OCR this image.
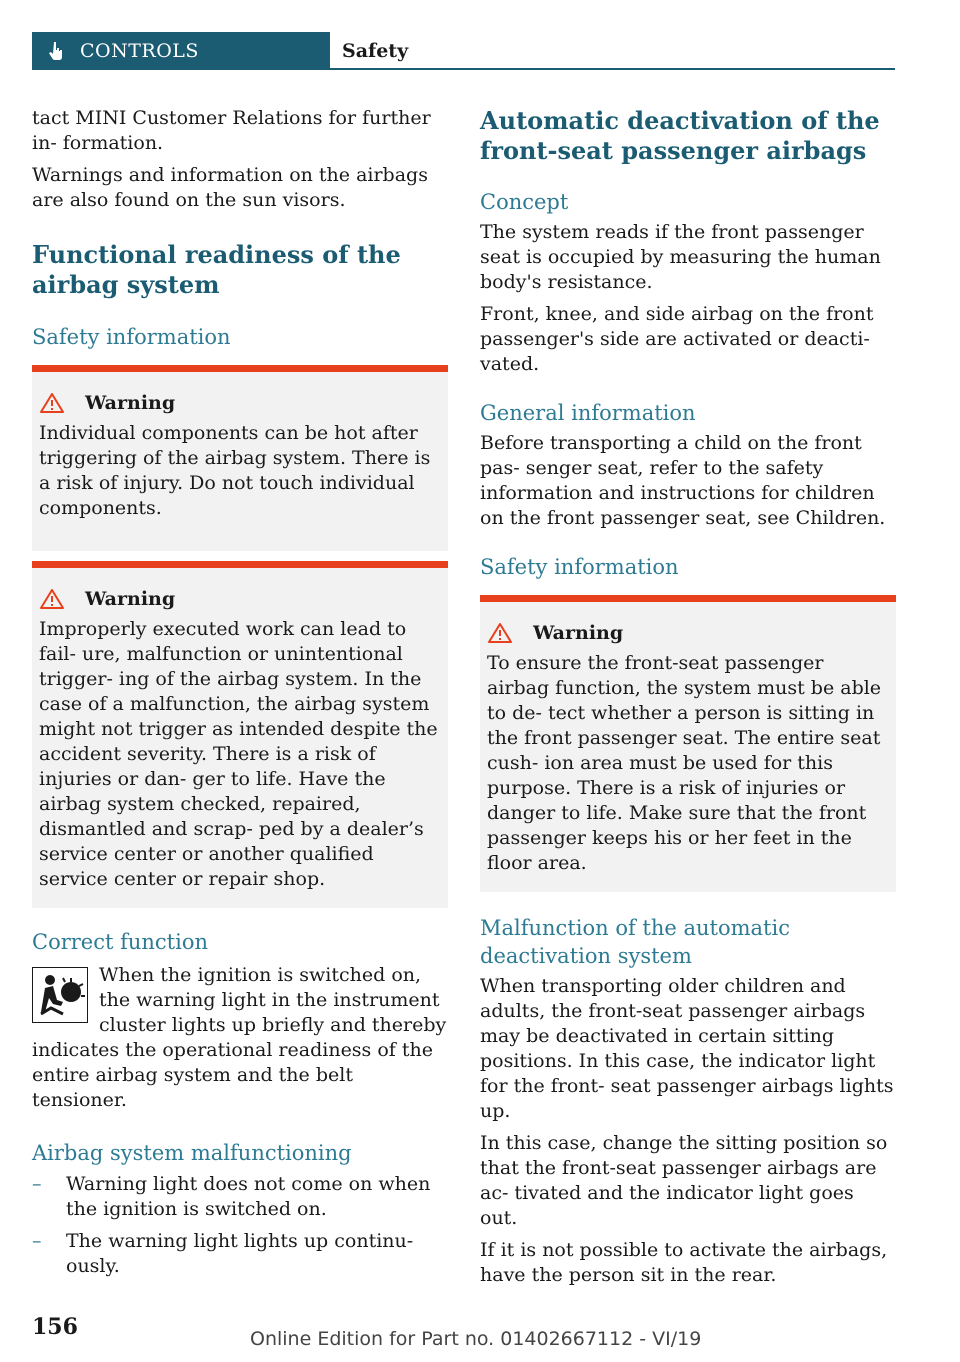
CONTROLS	Safety

tact MINI Customer Relations for further in‐ formation.

Warnings and information on the airbags are also found on the sun visors.

Functional readiness of the airbag system
Safety information
Warning
Individual components can be hot after triggering of the airbag system. There is a risk of injury. Do not touch individual components.
Warning
Improperly executed work can lead to fail‐ ure, malfunction or unintentional trigger‐ ing of the airbag system. In the case of a malfunction, the airbag system might not trigger as intended despite the accident severity. There is a risk of injuries or dan‐ ger to life. Have the airbag system checked, repaired, dismantled and scrap‐ ped by a dealer’s service center or another qualified service center or repair shop.
Correct function

When the ignition is switched on, the warning light in the instrument cluster lights up briefly and thereby

indicates the operational readiness of the entire airbag system and the belt tensioner.

Airbag system malfunctioning
– Warning light does not come on when the ignition is switched on.
– The warning light lights up continu‐ ously.
Automatic deactivation of the front-seat passenger airbags
Concept

The system reads if the front passenger seat is occupied by measuring the human body's resistance.

Front, knee, and side airbag on the front passenger's side are activated or deacti‐ vated.

General information

Before transporting a child on the front pas‐ senger seat, refer to the safety information and instructions for children on the front passenger seat, see Children.

Safety information
Warning
To ensure the front-seat passenger airbag function, the system must be able to de‐ tect whether a person is sitting in the front passenger seat. The entire seat cush‐ ion area must be used for this purpose. There is a risk of injuries or danger to life. Make sure that the front passenger keeps his or her feet in the floor area.
Malfunction of the automatic deactivation system

When transporting older children and adults, the front-seat passenger airbags may be deactivated in certain sitting positions. In this case, the indicator light for the front- seat passenger airbags lights up.

In this case, change the sitting position so that the front-seat passenger airbags are ac‐ tivated and the indicator light goes out.

If it is not possible to activate the airbags, have the person sit in the rear.

156	Online Edition for Part no. 01402667112 - VI/19
